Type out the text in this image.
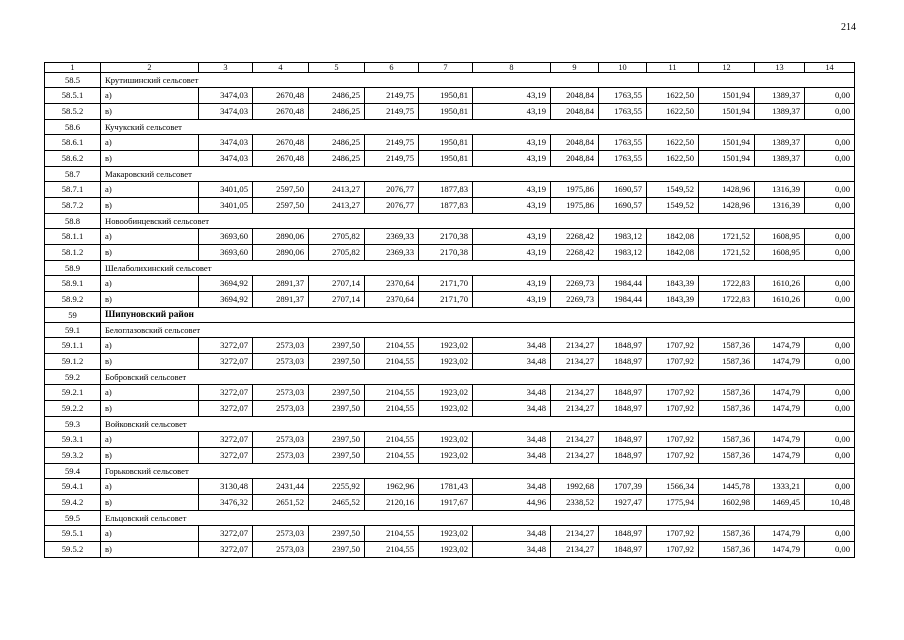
214
1	2	3	4	5	6	7	8	9	10	11	12	13	14
58.5	Крутишинский сельсовет												
58.5.1	а)	3474,03	2670,48	2486,25	2149,75	1950,81	43,19	2048,84	1763,55	1622,50	1501,94	1389,37	0,00
58.5.2	в)	3474,03	2670,48	2486,25	2149,75	1950,81	43,19	2048,84	1763,55	1622,50	1501,94	1389,37	0,00
58.6	Кучукский сельсовет												
58.6.1	а)	3474,03	2670,48	2486,25	2149,75	1950,81	43,19	2048,84	1763,55	1622,50	1501,94	1389,37	0,00
58.6.2	в)	3474,03	2670,48	2486,25	2149,75	1950,81	43,19	2048,84	1763,55	1622,50	1501,94	1389,37	0,00
58.7	Макаровский сельсовет												
58.7.1	а)	3401,05	2597,50	2413,27	2076,77	1877,83	43,19	1975,86	1690,57	1549,52	1428,96	1316,39	0,00
58.7.2	в)	3401,05	2597,50	2413,27	2076,77	1877,83	43,19	1975,86	1690,57	1549,52	1428,96	1316,39	0,00
58.8	Новообинцевский сельсовет												
58.1.1	а)	3693,60	2890,06	2705,82	2369,33	2170,38	43,19	2268,42	1983,12	1842,08	1721,52	1608,95	0,00
58.1.2	в)	3693,60	2890,06	2705,82	2369,33	2170,38	43,19	2268,42	1983,12	1842,08	1721,52	1608,95	0,00
58.9	Шелаболихинский сельсовет												
58.9.1	а)	3694,92	2891,37	2707,14	2370,64	2171,70	43,19	2269,73	1984,44	1843,39	1722,83	1610,26	0,00
58.9.2	в)	3694,92	2891,37	2707,14	2370,64	2171,70	43,19	2269,73	1984,44	1843,39	1722,83	1610,26	0,00
59	Шипуновский район												
59.1	Белоглазовский сельсовет												
59.1.1	а)	3272,07	2573,03	2397,50	2104,55	1923,02	34,48	2134,27	1848,97	1707,92	1587,36	1474,79	0,00
59.1.2	в)	3272,07	2573,03	2397,50	2104,55	1923,02	34,48	2134,27	1848,97	1707,92	1587,36	1474,79	0,00
59.2	Бобровский сельсовет												
59.2.1	а)	3272,07	2573,03	2397,50	2104,55	1923,02	34,48	2134,27	1848,97	1707,92	1587,36	1474,79	0,00
59.2.2	в)	3272,07	2573,03	2397,50	2104,55	1923,02	34,48	2134,27	1848,97	1707,92	1587,36	1474,79	0,00
59.3	Войковский сельсовет												
59.3.1	а)	3272,07	2573,03	2397,50	2104,55	1923,02	34,48	2134,27	1848,97	1707,92	1587,36	1474,79	0,00
59.3.2	в)	3272,07	2573,03	2397,50	2104,55	1923,02	34,48	2134,27	1848,97	1707,92	1587,36	1474,79	0,00
59.4	Горьковский сельсовет												
59.4.1	а)	3130,48	2431,44	2255,92	1962,96	1781,43	34,48	1992,68	1707,39	1566,34	1445,78	1333,21	0,00
59.4.2	в)	3476,32	2651,52	2465,52	2120,16	1917,67	44,96	2338,52	1927,47	1775,94	1602,98	1469,45	10,48
59.5	Ельцовский сельсовет												
59.5.1	а)	3272,07	2573,03	2397,50	2104,55	1923,02	34,48	2134,27	1848,97	1707,92	1587,36	1474,79	0,00
59.5.2	в)	3272,07	2573,03	2397,50	2104,55	1923,02	34,48	2134,27	1848,97	1707,92	1587,36	1474,79	0,00
